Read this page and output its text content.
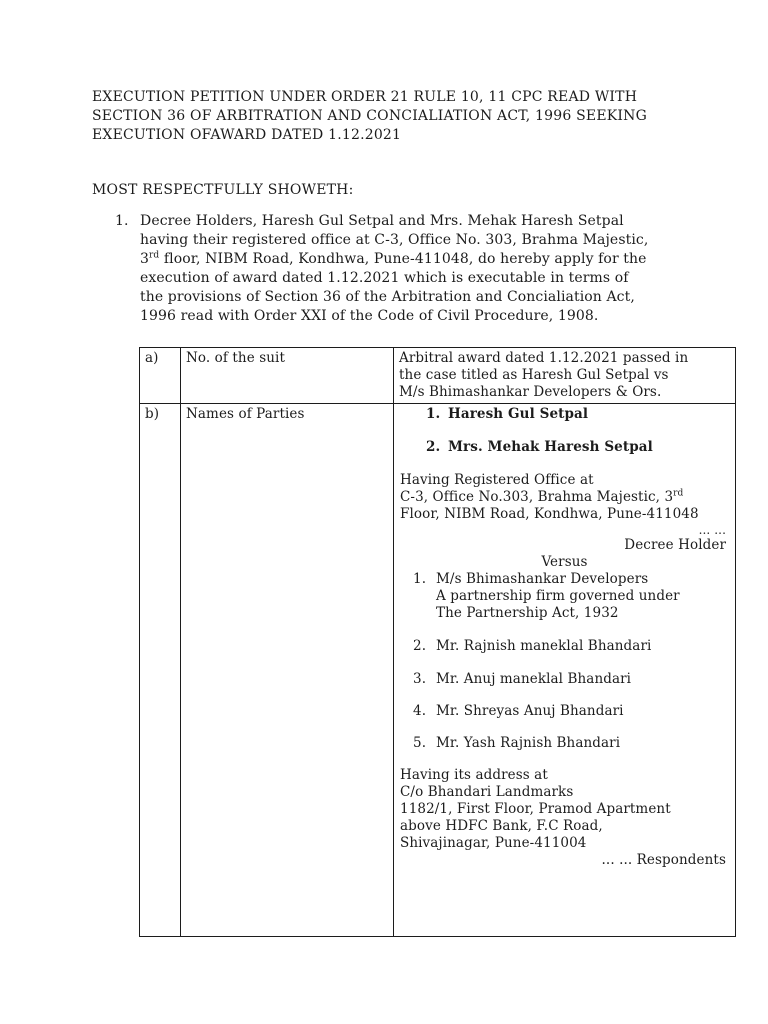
EXECUTION PETITION UNDER ORDER 21 RULE 10, 11 CPC READ WITH
SECTION 36 OF ARBITRATION AND CONCIALIATION ACT, 1996 SEEKING
EXECUTION OFAWARD DATED 1.12.2021
MOST RESPECTFULLY SHOWETH:
1. Decree Holders, Haresh Gul Setpal and Mrs. Mehak Haresh Setpal
having their registered office at C-3, Office No. 303, Brahma Majestic,
3rd floor, NIBM Road, Kondhwa, Pune-411048, do hereby apply for the
execution of award dated 1.12.2021 which is executable in terms of
the provisions of Section 36 of the Arbitration and Concialiation Act,
1996 read with Order XXI of the Code of Civil Procedure, 1908.
a)	No. of the suit	Arbitral award dated 1.12.2021 passed in
the case titled as Haresh Gul Setpal vs
M/s Bhimashankar Developers & Ors.

b)	Names of Parties	1. Haresh Gul Setpal
2. Mrs. Mehak Haresh Setpal
Having Registered Office at
C-3, Office No.303, Brahma Majestic, 3rd
Floor, NIBM Road, Kondhwa, Pune-411048
... ...
Decree Holder
Versus
1. M/s Bhimashankar Developers
A partnership firm governed under
The Partnership Act, 1932
2. Mr. Rajnish maneklal Bhandari
3. Mr. Anuj maneklal Bhandari
4. Mr. Shreyas Anuj Bhandari
5. Mr. Yash Rajnish Bhandari
Having its address at
C/o Bhandari Landmarks
1182/1, First Floor, Pramod Apartment
above HDFC Bank, F.C Road,
Shivajinagar, Pune-411004
... ... Respondents
